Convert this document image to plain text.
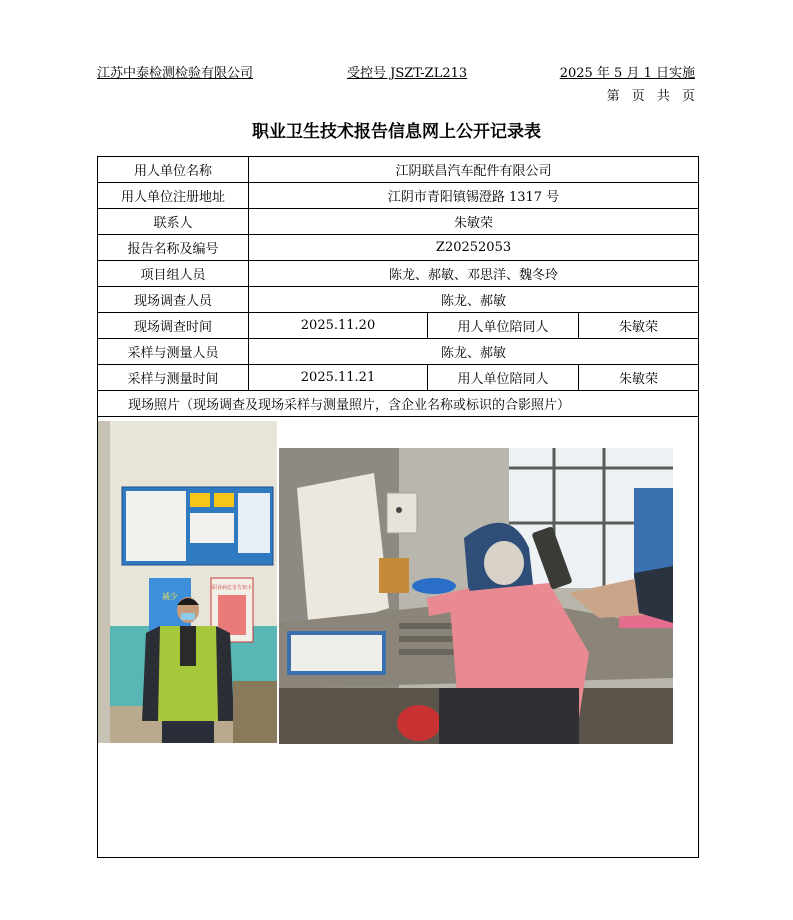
江苏中泰检测检验有限公司	受控号 JSZT-ZL213	2025 年 5 月 1 日实施
第 页 共 页
职业卫生技术报告信息网上公开记录表
用人单位名称	江阴联昌汽车配件有限公司		
用人单位注册地址	江阴市青阳镇锡澄路 1317 号		
联系人	朱敏荣		
报告名称及编号	Z20252053		
项目组人员	陈龙、郝敏、邓思洋、魏冬玲		
现场调查人员	陈龙、郝敏		
现场调查时间	2025.11.20	用人单位陪同人	朱敏荣
采样与测量人员	陈龙、郝敏		
采样与测量时间	2025.11.21	用人单位陪同人	朱敏荣
现场照片（现场调查及现场采样与测量照片，含企业名称或标识的合影照片）			

减少
职业病危害告知卡			
